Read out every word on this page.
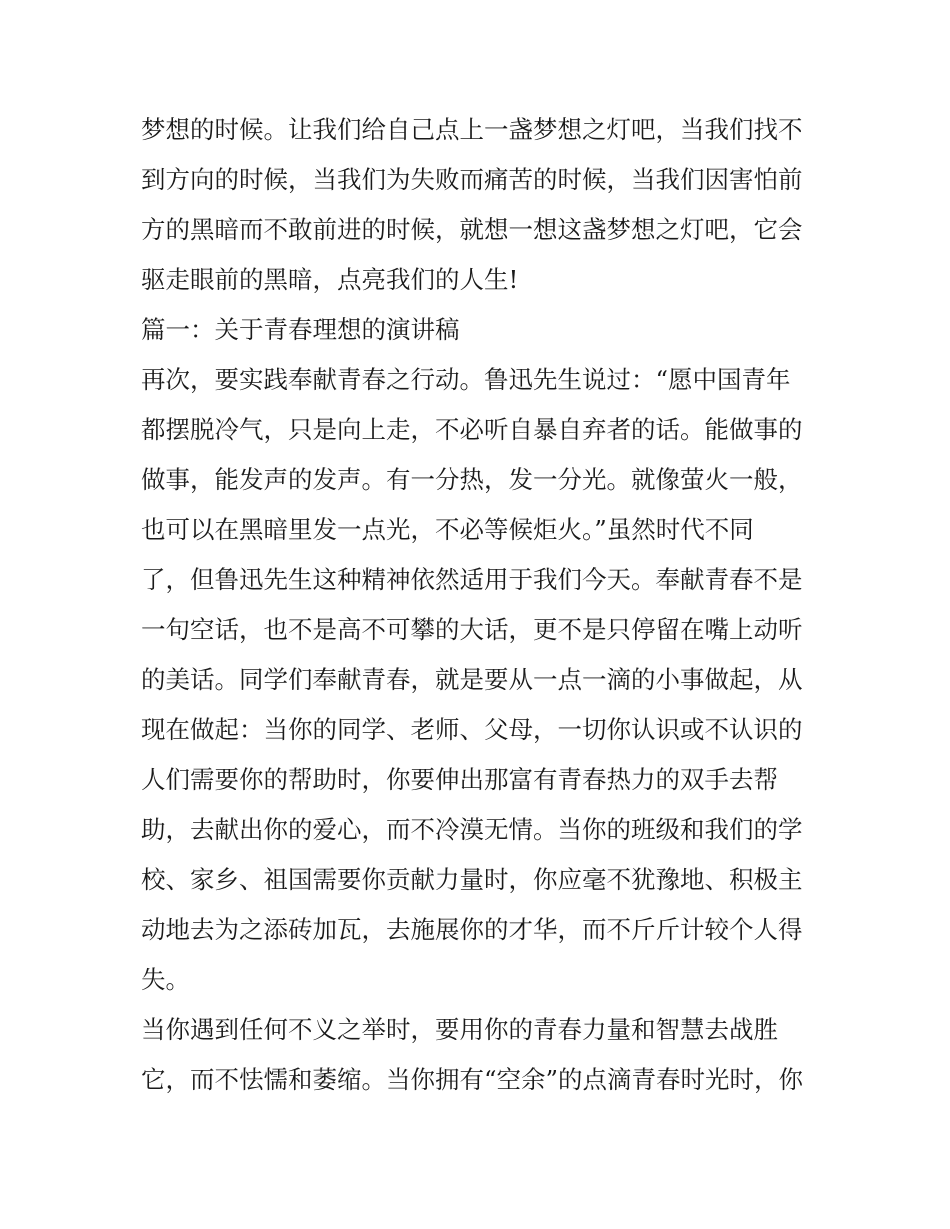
梦想的时候。让我们给自己点上一盏梦想之灯吧，当我们找不
到方向的时候，当我们为失败而痛苦的时候，当我们因害怕前
方的黑暗而不敢前进的时候，就想一想这盏梦想之灯吧，它会
驱走眼前的黑暗，点亮我们的人生!
篇一：关于青春理想的演讲稿
再次，要实践奉献青春之行动。鲁迅先生说过：“愿中国青年
都摆脱冷气，只是向上走，不必听自暴自弃者的话。能做事的
做事，能发声的发声。有一分热，发一分光。就像萤火一般，
也可以在黑暗里发一点光，不必等候炬火。”虽然时代不同
了，但鲁迅先生这种精神依然适用于我们今天。奉献青春不是
一句空话，也不是高不可攀的大话，更不是只停留在嘴上动听
的美话。同学们奉献青春，就是要从一点一滴的小事做起，从
现在做起：当你的同学、老师、父母，一切你认识或不认识的
人们需要你的帮助时，你要伸出那富有青春热力的双手去帮
助，去献出你的爱心，而不冷漠无情。当你的班级和我们的学
校、家乡、祖国需要你贡献力量时，你应毫不犹豫地、积极主
动地去为之添砖加瓦，去施展你的才华，而不斤斤计较个人得
失。
当你遇到任何不义之举时，要用你的青春力量和智慧去战胜
它，而不怯懦和萎缩。当你拥有“空余”的点滴青春时光时，你
